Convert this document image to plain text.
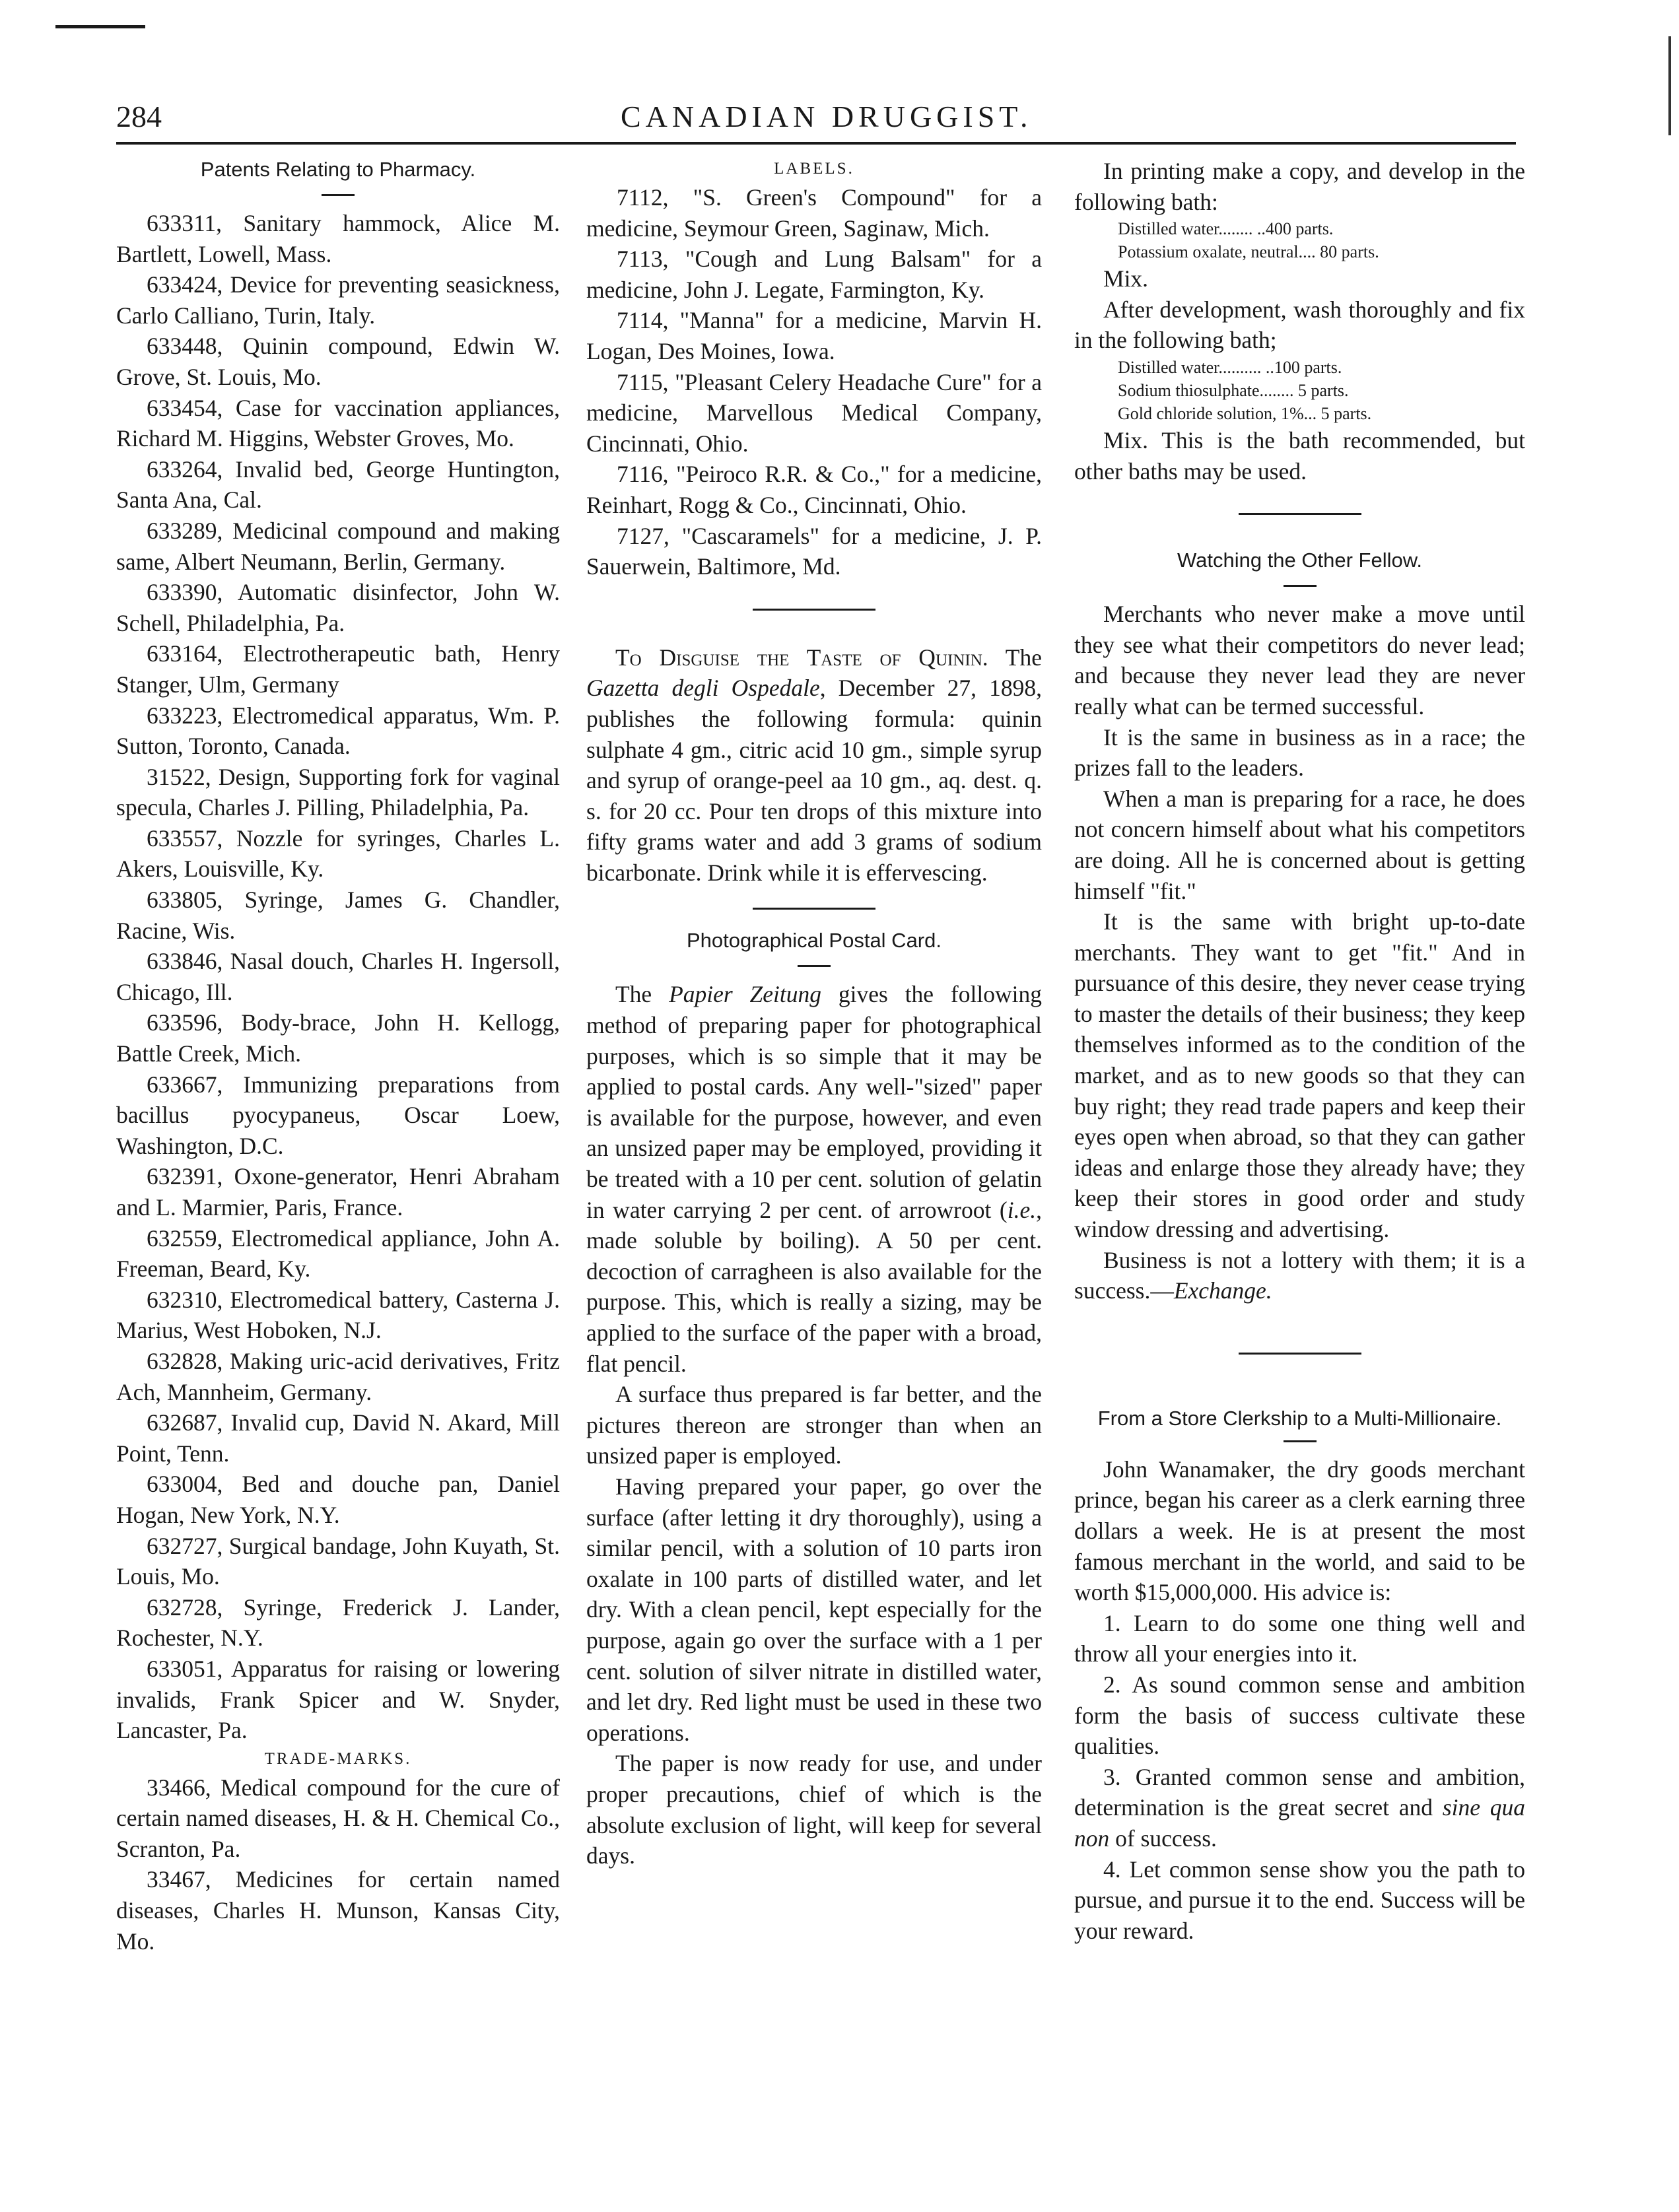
284	CANADIAN DRUGGIST.
Patents Relating to Pharmacy.

633311, Sanitary hammock, Alice M. Bartlett, Lowell, Mass.

633424, Device for preventing seasickness, Carlo Calliano, Turin, Italy.

633448, Quinin compound, Edwin W. Grove, St. Louis, Mo.

633454, Case for vaccination appliances, Richard M. Higgins, Webster Groves, Mo.

633264, Invalid bed, George Huntington, Santa Ana, Cal.

633289, Medicinal compound and making same, Albert Neumann, Berlin, Germany.

633390, Automatic disinfector, John W. Schell, Philadelphia, Pa.

633164, Electrotherapeutic bath, Henry Stanger, Ulm, Germany

633223, Electromedical apparatus, Wm. P. Sutton, Toronto, Canada.

31522, Design, Supporting fork for vaginal specula, Charles J. Pilling, Philadelphia, Pa.

633557, Nozzle for syringes, Charles L. Akers, Louisville, Ky.

633805, Syringe, James G. Chandler, Racine, Wis.

633846, Nasal douch, Charles H. Ingersoll, Chicago, Ill.

633596, Body-brace, John H. Kellogg, Battle Creek, Mich.

633667, Immunizing preparations from bacillus pyocypaneus, Oscar Loew, Washington, D.C.

632391, Oxone-generator, Henri Abraham and L. Marmier, Paris, France.

632559, Electromedical appliance, John A. Freeman, Beard, Ky.

632310, Electromedical battery, Casterna J. Marius, West Hoboken, N.J.

632828, Making uric-acid derivatives, Fritz Ach, Mannheim, Germany.

632687, Invalid cup, David N. Akard, Mill Point, Tenn.

633004, Bed and douche pan, Daniel Hogan, New York, N.Y.

632727, Surgical bandage, John Kuyath, St. Louis, Mo.

632728, Syringe, Frederick J. Lander, Rochester, N.Y.

633051, Apparatus for raising or lowering invalids, Frank Spicer and W. Snyder, Lancaster, Pa.

TRADE-MARKS.

33466, Medical compound for the cure of certain named diseases, H. & H. Chemical Co., Scranton, Pa.

33467, Medicines for certain named diseases, Charles H. Munson, Kansas City, Mo.

LABELS.

7112, "S. Green's Compound" for a medicine, Seymour Green, Saginaw, Mich.

7113, "Cough and Lung Balsam" for a medicine, John J. Legate, Farmington, Ky.

7114, "Manna" for a medicine, Marvin H. Logan, Des Moines, Iowa.

7115, "Pleasant Celery Headache Cure" for a medicine, Marvellous Medical Company, Cincinnati, Ohio.

7116, "Peiroco R.R. & Co.," for a medicine, Reinhart, Rogg & Co., Cincinnati, Ohio.

7127, "Cascaramels" for a medicine, J. P. Sauerwein, Baltimore, Md.

To Disguise the Taste of Quinin. The Gazetta degli Ospedale, December 27, 1898, publishes the following formula: quinin sulphate 4 gm., citric acid 10 gm., simple syrup and syrup of orange-peel aa 10 gm., aq. dest. q. s. for 20 cc. Pour ten drops of this mixture into fifty grams water and add 3 grams of sodium bicarbonate. Drink while it is effervescing.

Photographical Postal Card.

The Papier Zeitung gives the following method of preparing paper for photographical purposes, which is so simple that it may be applied to postal cards. Any well-"sized" paper is available for the purpose, however, and even an unsized paper may be employed, providing it be treated with a 10 per cent. solution of gelatin in water carrying 2 per cent. of arrowroot (i.e., made soluble by boiling). A 50 per cent. decoction of carragheen is also available for the purpose. This, which is really a sizing, may be applied to the surface of the paper with a broad, flat pencil.

A surface thus prepared is far better, and the pictures thereon are stronger than when an unsized paper is employed.

Having prepared your paper, go over the surface (after letting it dry thoroughly), using a similar pencil, with a solution of 10 parts iron oxalate in 100 parts of distilled water, and let dry. With a clean pencil, kept especially for the purpose, again go over the surface with a 1 per cent. solution of silver nitrate in distilled water, and let dry. Red light must be used in these two operations.

The paper is now ready for use, and under proper precautions, chief of which is the absolute exclusion of light, will keep for several days.

In printing make a copy, and develop in the following bath:

Distilled water........ ..400 parts.
Potassium oxalate, neutral.... 80 parts.

Mix.

After development, wash thoroughly and fix in the following bath;

Distilled water.......... ..100 parts.
Sodium thiosulphate........ 5 parts.
Gold chloride solution, 1%... 5 parts.

Mix. This is the bath recommended, but other baths may be used.

Watching the Other Fellow.

Merchants who never make a move until they see what their competitors do never lead; and because they never lead they are never really what can be termed successful.

It is the same in business as in a race; the prizes fall to the leaders.

When a man is preparing for a race, he does not concern himself about what his competitors are doing. All he is concerned about is getting himself "fit."

It is the same with bright up-to-date merchants. They want to get "fit." And in pursuance of this desire, they never cease trying to master the details of their business; they keep themselves informed as to the condition of the market, and as to new goods so that they can buy right; they read trade papers and keep their eyes open when abroad, so that they can gather ideas and enlarge those they already have; they keep their stores in good order and study window dressing and advertising.

Business is not a lottery with them; it is a success.—Exchange.

From a Store Clerkship to a Multi-Millionaire.

John Wanamaker, the dry goods merchant prince, began his career as a clerk earning three dollars a week. He is at present the most famous merchant in the world, and said to be worth $15,000,000. His advice is:

1. Learn to do some one thing well and throw all your energies into it.

2. As sound common sense and ambition form the basis of success cultivate these qualities.

3. Granted common sense and ambition, determination is the great secret and sine qua non of success.

4. Let common sense show you the path to pursue, and pursue it to the end. Success will be your reward.
